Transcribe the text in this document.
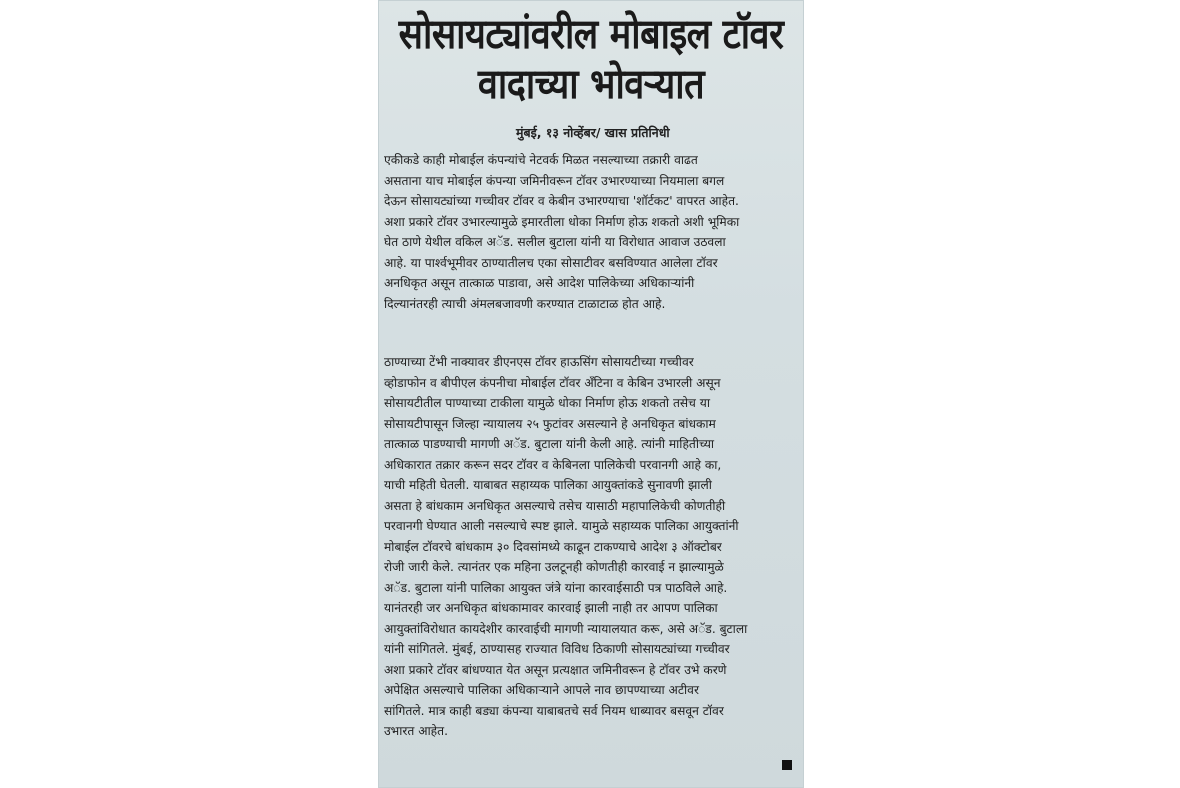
सोसायट्यांवरील मोबाइल टॉवर
वादाच्या भोवऱ्यात
मुंबई, १३ नोव्हेंबर/ खास प्रतिनिधी
एकीकडे काही मोबाईल कंपन्यांचे नेटवर्क मिळत नसल्याच्या तक्रारी वाढत
असताना याच मोबाईल कंपन्या जमिनीवरून टॉवर उभारण्याच्या नियमाला बगल
देऊन सोसायट्यांच्या गच्चीवर टॉवर व केबीन उभारण्याचा 'शॉर्टकट' वापरत आहेत.
अशा प्रकारे टॉवर उभारल्यामुळे इमारतीला धोका निर्माण होऊ शकतो अशी भूमिका
घेत ठाणे येथील वकिल अॅड. सलील बुटाला यांनी या विरोधात आवाज उठवला
आहे. या पार्श्वभूमीवर ठाण्यातीलच एका सोसाटीवर बसविण्यात आलेला टॉवर
अनधिकृत असून तात्काळ पाडावा, असे आदेश पालिकेच्या अधिकाऱ्यांनी
दिल्यानंतरही त्याची अंमलबजावणी करण्यात टाळाटाळ होत आहे.
ठाण्याच्या टेंभी नाक्यावर डीएनएस टॉवर हाऊसिंग सोसायटीच्या गच्चीवर
व्होडाफोन व बीपीएल कंपनीचा मोबाईल टॉवर अँटिना व केबिन उभारली असून
सोसायटीतील पाण्याच्या टाकीला यामुळे धोका निर्माण होऊ शकतो तसेच या
सोसायटीपासून जिल्हा न्यायालय २५ फुटांवर असल्याने हे अनधिकृत बांधकाम
तात्काळ पाडण्याची मागणी अॅड. बुटाला यांनी केली आहे. त्यांनी माहितीच्या
अधिकारात तक्रार करून सदर टॉवर व केबिनला पालिकेची परवानगी आहे का,
याची महिती घेतली. याबाबत सहाय्यक पालिका आयुक्तांकडे सुनावणी झाली
असता हे बांधकाम अनधिकृत असल्याचे तसेच यासाठी महापालिकेची कोणतीही
परवानगी घेण्यात आली नसल्याचे स्पष्ट झाले. यामुळे सहाय्यक पालिका आयुक्तांनी
मोबाईल टॉवरचे बांधकाम ३० दिवसांमध्ये काढून टाकण्याचे आदेश ३ ऑक्टोबर
रोजी जारी केले. त्यानंतर एक महिना उलटूनही कोणतीही कारवाई न झाल्यामुळे
अॅड. बुटाला यांनी पालिका आयुक्त जंत्रे यांना कारवाईसाठी पत्र पाठविले आहे.
यानंतरही जर अनधिकृत बांधकामावर कारवाई झाली नाही तर आपण पालिका
आयुक्तांविरोधात कायदेशीर कारवाईची मागणी न्यायालयात करू, असे अॅड. बुटाला
यांनी सांगितले. मुंबई, ठाण्यासह राज्यात विविध ठिकाणी सोसायट्यांच्या गच्चीवर
अशा प्रकारे टॉवर बांधण्यात येत असून प्रत्यक्षात जमिनीवरून हे टॉवर उभे करणे
अपेक्षित असल्याचे पालिका अधिकाऱ्याने आपले नाव छापण्याच्या अटीवर
सांगितले. मात्र काही बड्या कंपन्या याबाबतचे सर्व नियम धाब्यावर बसवून टॉवर
उभारत आहेत.
